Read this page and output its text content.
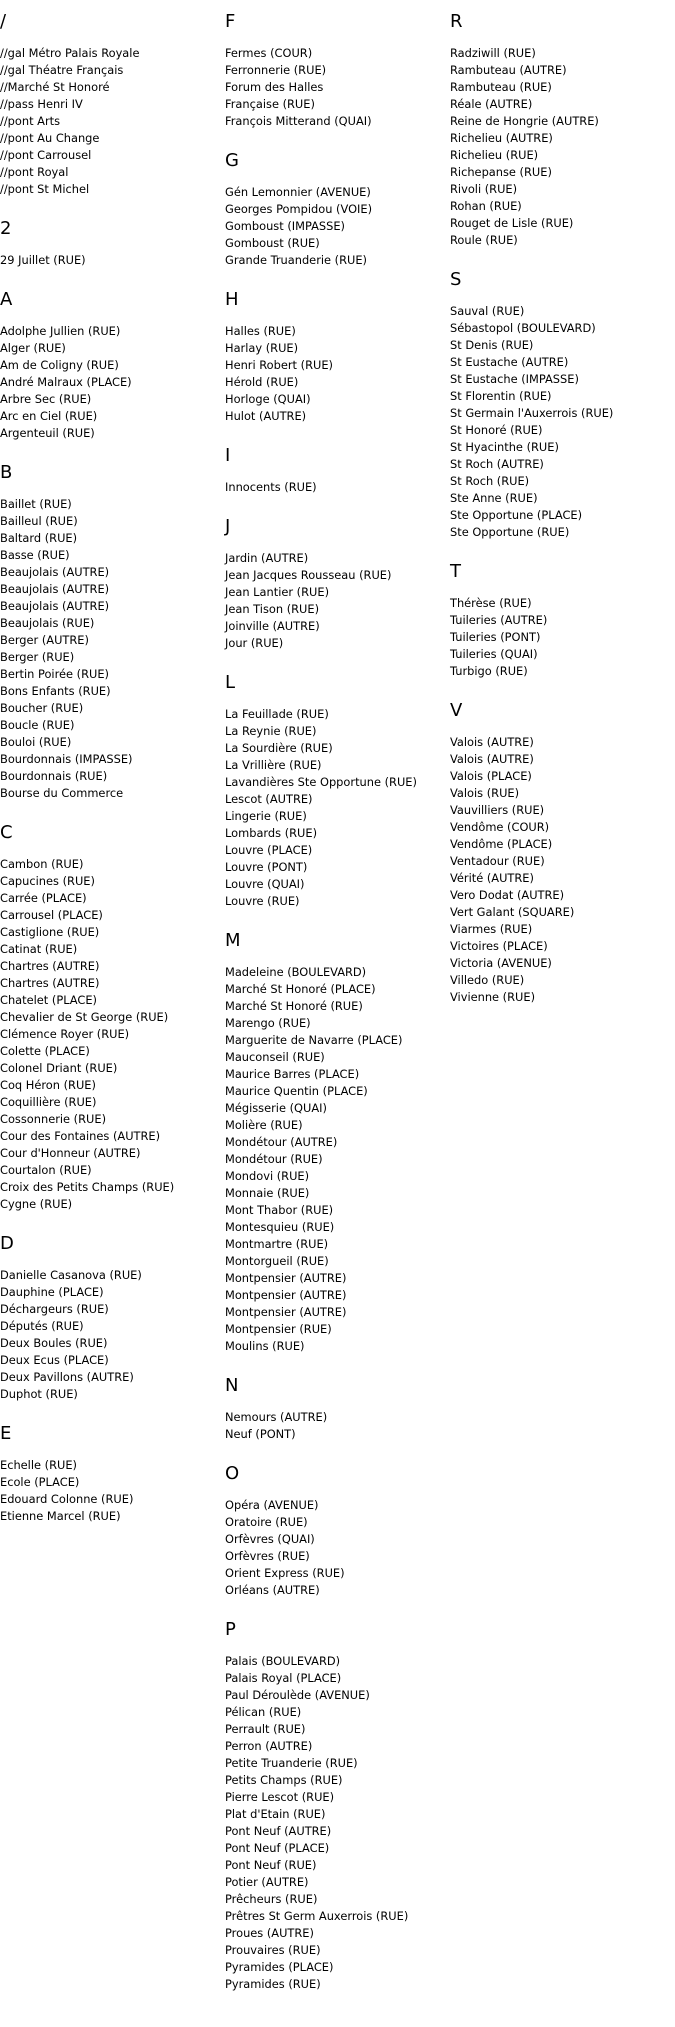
/
//gal Métro Palais Royale
//gal Théatre Français
//Marché St Honoré
//pass Henri IV
//pont Arts
//pont Au Change
//pont Carrousel
//pont Royal
//pont St Michel
2
29 Juillet (RUE)
A
Adolphe Jullien (RUE)
Alger (RUE)
Am de Coligny (RUE)
André Malraux (PLACE)
Arbre Sec (RUE)
Arc en Ciel (RUE)
Argenteuil (RUE)
B
Baillet (RUE)
Bailleul (RUE)
Baltard (RUE)
Basse (RUE)
Beaujolais (AUTRE)
Beaujolais (AUTRE)
Beaujolais (AUTRE)
Beaujolais (RUE)
Berger (AUTRE)
Berger (RUE)
Bertin Poirée (RUE)
Bons Enfants (RUE)
Boucher (RUE)
Boucle (RUE)
Bouloi (RUE)
Bourdonnais (IMPASSE)
Bourdonnais (RUE)
Bourse du Commerce
C
Cambon (RUE)
Capucines (RUE)
Carrée (PLACE)
Carrousel (PLACE)
Castiglione (RUE)
Catinat (RUE)
Chartres (AUTRE)
Chartres (AUTRE)
Chatelet (PLACE)
Chevalier de St George (RUE)
Clémence Royer (RUE)
Colette (PLACE)
Colonel Driant (RUE)
Coq Héron (RUE)
Coquillière (RUE)
Cossonnerie (RUE)
Cour des Fontaines (AUTRE)
Cour d'Honneur (AUTRE)
Courtalon (RUE)
Croix des Petits Champs (RUE)
Cygne (RUE)
D
Danielle Casanova (RUE)
Dauphine (PLACE)
Déchargeurs (RUE)
Députés (RUE)
Deux Boules (RUE)
Deux Ecus (PLACE)
Deux Pavillons (AUTRE)
Duphot (RUE)
E
Echelle (RUE)
Ecole (PLACE)
Edouard Colonne (RUE)
Etienne Marcel (RUE)
F
Fermes (COUR)
Ferronnerie (RUE)
Forum des Halles
Française (RUE)
François Mitterand (QUAI)
G
Gén Lemonnier (AVENUE)
Georges Pompidou (VOIE)
Gomboust (IMPASSE)
Gomboust (RUE)
Grande Truanderie (RUE)
H
Halles (RUE)
Harlay (RUE)
Henri Robert (RUE)
Hérold (RUE)
Horloge (QUAI)
Hulot (AUTRE)
I
Innocents (RUE)
J
Jardin (AUTRE)
Jean Jacques Rousseau (RUE)
Jean Lantier (RUE)
Jean Tison (RUE)
Joinville (AUTRE)
Jour (RUE)
L
La Feuillade (RUE)
La Reynie (RUE)
La Sourdière (RUE)
La Vrillière (RUE)
Lavandières Ste Opportune (RUE)
Lescot (AUTRE)
Lingerie (RUE)
Lombards (RUE)
Louvre (PLACE)
Louvre (PONT)
Louvre (QUAI)
Louvre (RUE)
M
Madeleine (BOULEVARD)
Marché St Honoré (PLACE)
Marché St Honoré (RUE)
Marengo (RUE)
Marguerite de Navarre (PLACE)
Mauconseil (RUE)
Maurice Barres (PLACE)
Maurice Quentin (PLACE)
Mégisserie (QUAI)
Molière (RUE)
Mondétour (AUTRE)
Mondétour (RUE)
Mondovi (RUE)
Monnaie (RUE)
Mont Thabor (RUE)
Montesquieu (RUE)
Montmartre (RUE)
Montorgueil (RUE)
Montpensier (AUTRE)
Montpensier (AUTRE)
Montpensier (AUTRE)
Montpensier (RUE)
Moulins (RUE)
N
Nemours (AUTRE)
Neuf (PONT)
O
Opéra (AVENUE)
Oratoire (RUE)
Orfèvres (QUAI)
Orfèvres (RUE)
Orient Express (RUE)
Orléans (AUTRE)
P
Palais (BOULEVARD)
Palais Royal (PLACE)
Paul Déroulède (AVENUE)
Pélican (RUE)
Perrault (RUE)
Perron (AUTRE)
Petite Truanderie (RUE)
Petits Champs (RUE)
Pierre Lescot (RUE)
Plat d'Etain (RUE)
Pont Neuf (AUTRE)
Pont Neuf (PLACE)
Pont Neuf (RUE)
Potier (AUTRE)
Prêcheurs (RUE)
Prêtres St Germ Auxerrois (RUE)
Proues (AUTRE)
Prouvaires (RUE)
Pyramides (PLACE)
Pyramides (RUE)
R
Radziwill (RUE)
Rambuteau (AUTRE)
Rambuteau (RUE)
Réale (AUTRE)
Reine de Hongrie (AUTRE)
Richelieu (AUTRE)
Richelieu (RUE)
Richepanse (RUE)
Rivoli (RUE)
Rohan (RUE)
Rouget de Lisle (RUE)
Roule (RUE)
S
Sauval (RUE)
Sébastopol (BOULEVARD)
St Denis (RUE)
St Eustache (AUTRE)
St Eustache (IMPASSE)
St Florentin (RUE)
St Germain l'Auxerrois (RUE)
St Honoré (RUE)
St Hyacinthe (RUE)
St Roch (AUTRE)
St Roch (RUE)
Ste Anne (RUE)
Ste Opportune (PLACE)
Ste Opportune (RUE)
T
Thérèse (RUE)
Tuileries (AUTRE)
Tuileries (PONT)
Tuileries (QUAI)
Turbigo (RUE)
V
Valois (AUTRE)
Valois (AUTRE)
Valois (PLACE)
Valois (RUE)
Vauvilliers (RUE)
Vendôme (COUR)
Vendôme (PLACE)
Ventadour (RUE)
Vérité (AUTRE)
Vero Dodat (AUTRE)
Vert Galant (SQUARE)
Viarmes (RUE)
Victoires (PLACE)
Victoria (AVENUE)
Villedo (RUE)
Vivienne (RUE)
